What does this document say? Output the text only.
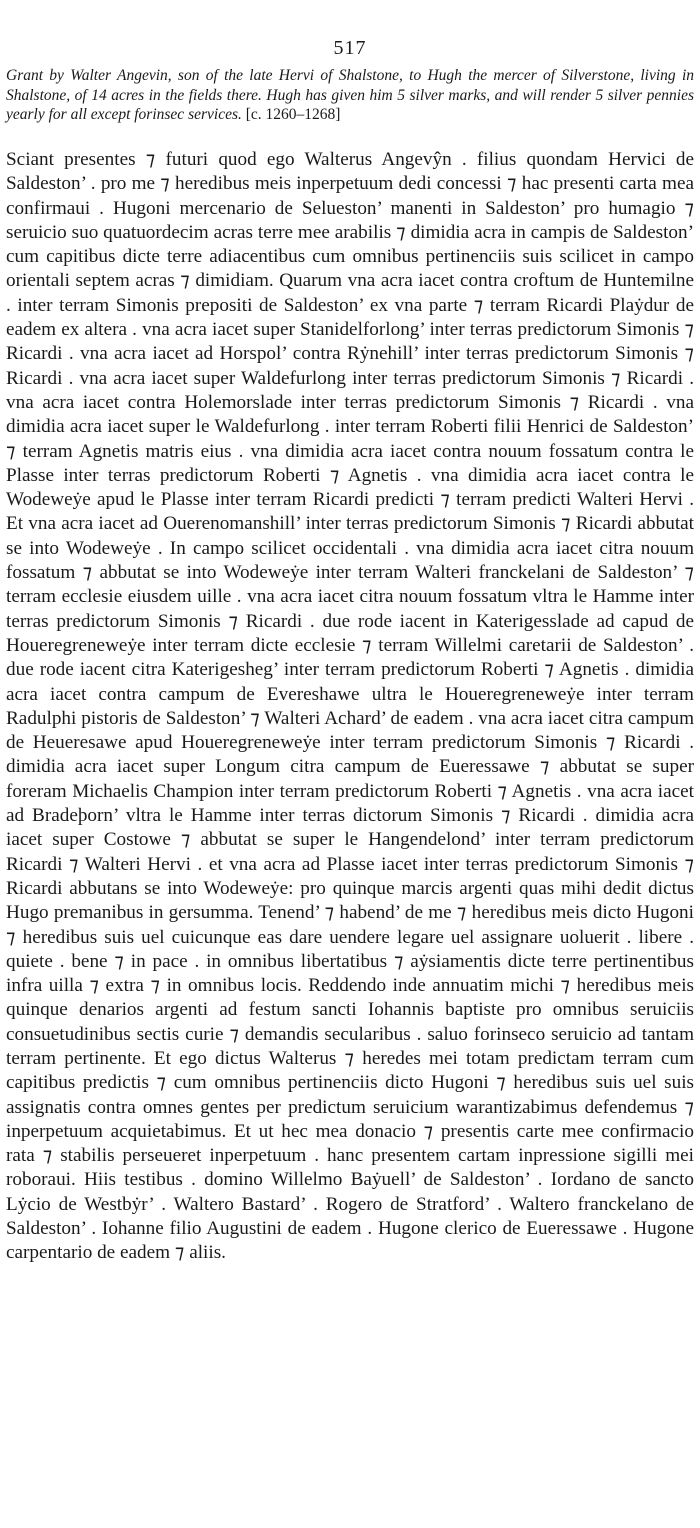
517

Grant by Walter Angevin, son of the late Hervi of Shalstone, to Hugh the mercer of Silverstone, living in Shalstone, of 14 acres in the fields there. Hugh has given him 5 silver marks, and will render 5 silver pennies yearly for all except forinsec services. [c. 1260–1268]

Sciant presentes ⁊ futuri quod ego Walterus Angevŷn . filius quondam Hervici de Saldeston’ . pro me ⁊ heredibus meis inperpetuum dedi concessi ⁊ hac presenti carta mea confirmaui . Hugoni mercenario de Selueston’ manenti in Saldeston’ pro humagio ⁊ seruicio suo quatuordecim acras terre mee arabilis ⁊ dimidia acra in campis de Saldeston’ cum capitibus dicte terre adiacentibus cum omnibus pertinenciis suis scilicet in campo orientali septem acras ⁊ dimidiam. Quarum vna acra iacet contra croftum de Huntemilne . inter terram Simonis prepositi de Saldeston’ ex vna parte ⁊ terram Ricardi Plaẏdur de eadem ex altera . vna acra iacet super Stanidelforlong’ inter terras predictorum Simonis ⁊ Ricardi . vna acra iacet ad Horspol’ contra Rẏnehill’ inter terras predictorum Simonis ⁊ Ricardi . vna acra iacet super Waldefurlong inter terras predictorum Simonis ⁊ Ricardi . vna acra iacet contra Holemorslade inter terras predictorum Simonis ⁊ Ricardi . vna dimidia acra iacet super le Waldefurlong . inter terram Roberti filii Henrici de Saldeston’ ⁊ terram Agnetis matris eius . vna dimidia acra iacet contra nouum fossatum contra le Plasse inter terras predictorum Roberti ⁊ Agnetis . vna dimidia acra iacet contra le Wodeweẏe apud le Plasse inter terram Ricardi predicti ⁊ terram predicti Walteri Hervi . Et vna acra iacet ad Ouerenomanshill’ inter terras predictorum Simonis ⁊ Ricardi abbutat se into Wodeweẏe . In campo scilicet occidentali . vna dimidia acra iacet citra nouum fossatum ⁊ abbutat se into Wodeweẏe inter terram Walteri franckelani de Saldeston’ ⁊ terram ecclesie eiusdem uille . vna acra iacet citra nouum fossatum vltra le Hamme inter terras predictorum Simonis ⁊ Ricardi . due rode iacent in Katerigesslade ad capud de Houeregreneweẏe inter terram dicte ecclesie ⁊ terram Willelmi caretarii de Saldeston’ . due rode iacent citra Katerigesheg’ inter terram predictorum Roberti ⁊ Agnetis . dimidia acra iacet contra campum de Evereshawe ultra le Houeregreneweẏe inter terram Radulphi pistoris de Saldeston’ ⁊ Walteri Achard’ de eadem . vna acra iacet citra campum de Heueresawe apud Houeregreneweẏe inter terram predictorum Simonis ⁊ Ricardi . dimidia acra iacet super Longum citra campum de Eueressawe ⁊ abbutat se super foreram Michaelis Champion inter terram predictorum Roberti ⁊ Agnetis . vna acra iacet ad Bradeþorn’ vltra le Hamme inter terras dictorum Simonis ⁊ Ricardi . dimidia acra iacet super Costowe ⁊ abbutat se super le Hangendelond’ inter terram predictorum Ricardi ⁊ Walteri Hervi . et vna acra ad Plasse iacet inter terras predictorum Simonis ⁊ Ricardi abbutans se into Wodeweẏe: pro quinque marcis argenti quas mihi dedit dictus Hugo premanibus in gersumma. Tenend’ ⁊ habend’ de me ⁊ heredibus meis dicto Hugoni ⁊ heredibus suis uel cuicunque eas dare uendere legare uel assignare uoluerit . libere . quiete . bene ⁊ in pace . in omnibus libertatibus ⁊ aẏsiamentis dicte terre pertinentibus infra uilla ⁊ extra ⁊ in omnibus locis. Reddendo inde annuatim michi ⁊ heredibus meis quinque denarios argenti ad festum sancti Iohannis baptiste pro omnibus seruiciis consuetudinibus sectis curie ⁊ demandis secularibus . saluo forinseco seruicio ad tantam terram pertinente. Et ego dictus Walterus ⁊ heredes mei totam predictam terram cum capitibus predictis ⁊ cum omnibus pertinenciis dicto Hugoni ⁊ heredibus suis uel suis assignatis contra omnes gentes per predictum seruicium warantizabimus defendemus ⁊ inperpetuum acquietabimus. Et ut hec mea donacio ⁊ presentis carte mee confirmacio rata ⁊ stabilis perseueret inperpetuum . hanc presentem cartam inpressione sigilli mei roboraui. Hiis testibus . domino Willelmo Baẏuell’ de Saldeston’ . Iordano de sancto Lẏcio de Westbẏr’ . Waltero Bastard’ . Rogero de Stratford’ . Waltero franckelano de Saldeston’ . Iohanne filio Augustini de eadem . Hugone clerico de Eueressawe . Hugone carpentario de eadem ⁊ aliis.
